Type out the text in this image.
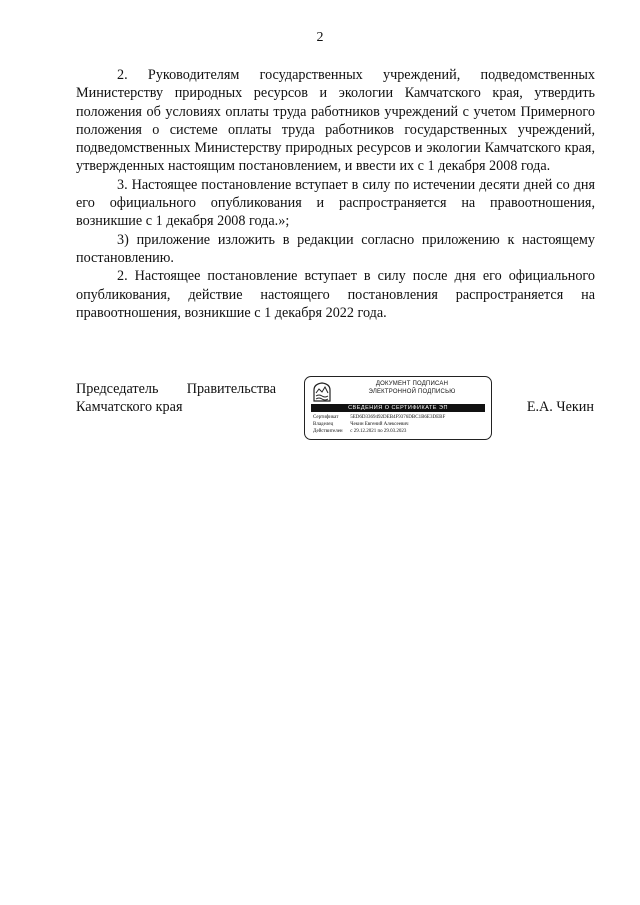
2

2. Руководителям государственных учреждений, подведомственных Министерству природных ресурсов и экологии Камчатского края, утвердить положения об условиях оплаты труда работников учреждений с учетом Примерного положения о системе оплаты труда работников государственных учреждений, подведомственных Министерству природных ресурсов и экологии Камчатского края, утвержденных настоящим постановлением, и ввести их с 1 декабря 2008 года.

3. Настоящее постановление вступает в силу по истечении десяти дней со дня его официального опубликования и распространяется на правоотношения, возникшие с 1 декабря 2008 года.»;

3) приложение изложить в редакции согласно приложению к настоящему постановлению.

2. Настоящее постановление вступает в силу после дня его официального опубликования, действие настоящего постановления распространяется на правоотношения, возникшие с 1 декабря 2022 года.

Председатель Правительства
Камчатского края
ДОКУМЕНТ ПОДПИСАН
ЭЛЕКТРОННОЙ ПОДПИСЬЮ
СВЕДЕНИЯ О СЕРТИФИКАТЕ ЭП
Сертификат 5ED6D3369492DEB4F9376DBC1B6E3DEBF
Владелец	Чекин Евгений Алексеевич
Действителен с 29.12.2021 по 29.03.2023
Е.А. Чекин
